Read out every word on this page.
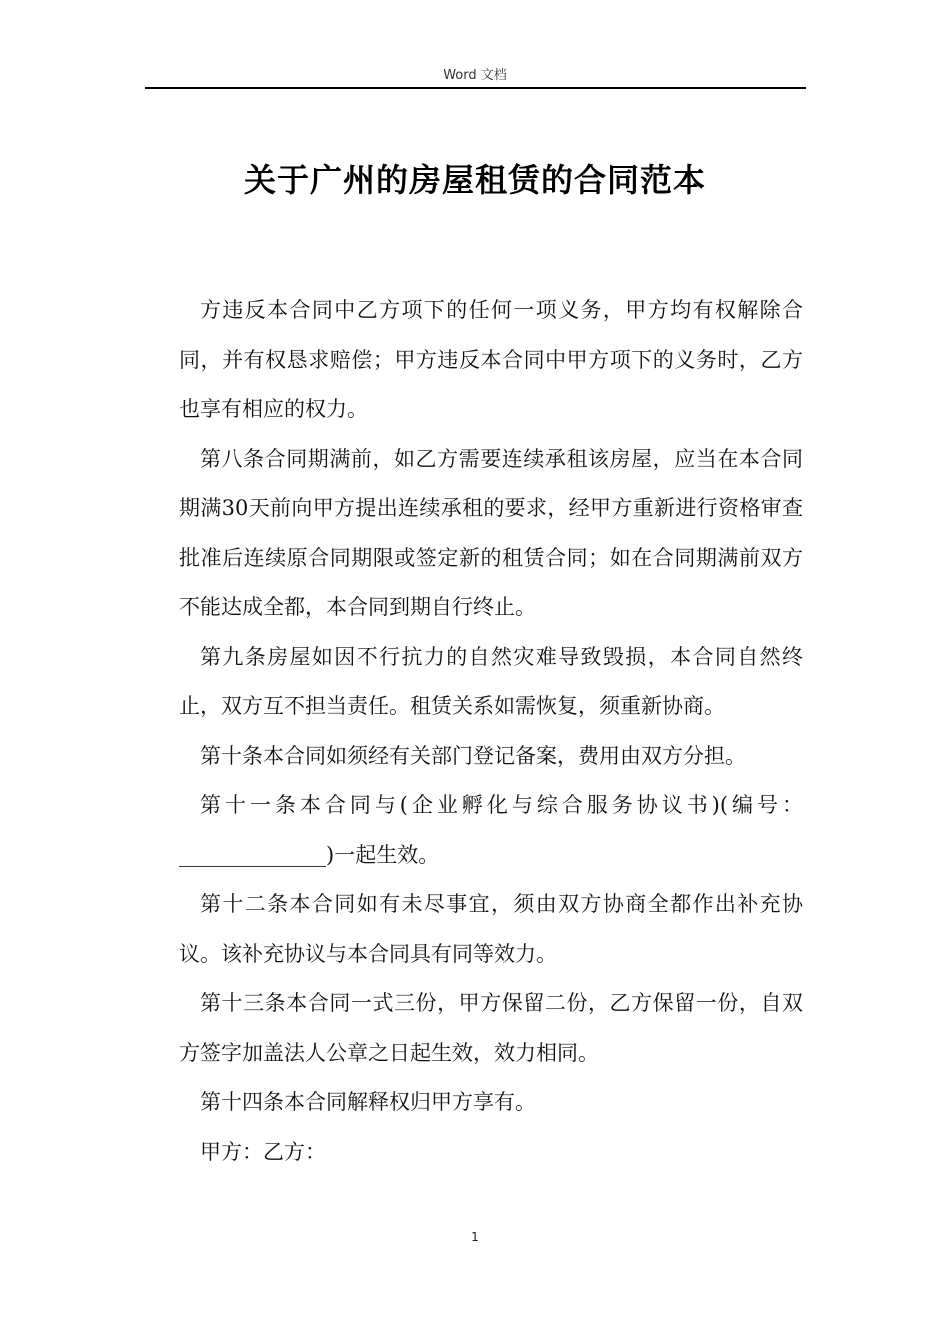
Word 文档
关于广州的房屋租赁的合同范本

方违反本合同中乙方项下的任何一项义务，甲方均有权解除合同，并有权恳求赔偿；甲方违反本合同中甲方项下的义务时，乙方也享有相应的权力。

第八条合同期满前，如乙方需要连续承租该房屋，应当在本合同期满30天前向甲方提出连续承租的要求，经甲方重新进行资格审查批准后连续原合同期限或签定新的租赁合同；如在合同期满前双方不能达成全都，本合同到期自行终止。

第九条房屋如因不行抗力的自然灾难导致毁损，本合同自然终止，双方互不担当责任。租赁关系如需恢复，须重新协商。

第十条本合同如须经有关部门登记备案，费用由双方分担。

第十一条本合同与(企业孵化与综合服务协议书)(编号：______________)一起生效。

第十二条本合同如有未尽事宜，须由双方协商全都作出补充协议。该补充协议与本合同具有同等效力。

第十三条本合同一式三份，甲方保留二份，乙方保留一份，自双方签字加盖法人公章之日起生效，效力相同。

第十四条本合同解释权归甲方享有。

甲方：乙方：

1
